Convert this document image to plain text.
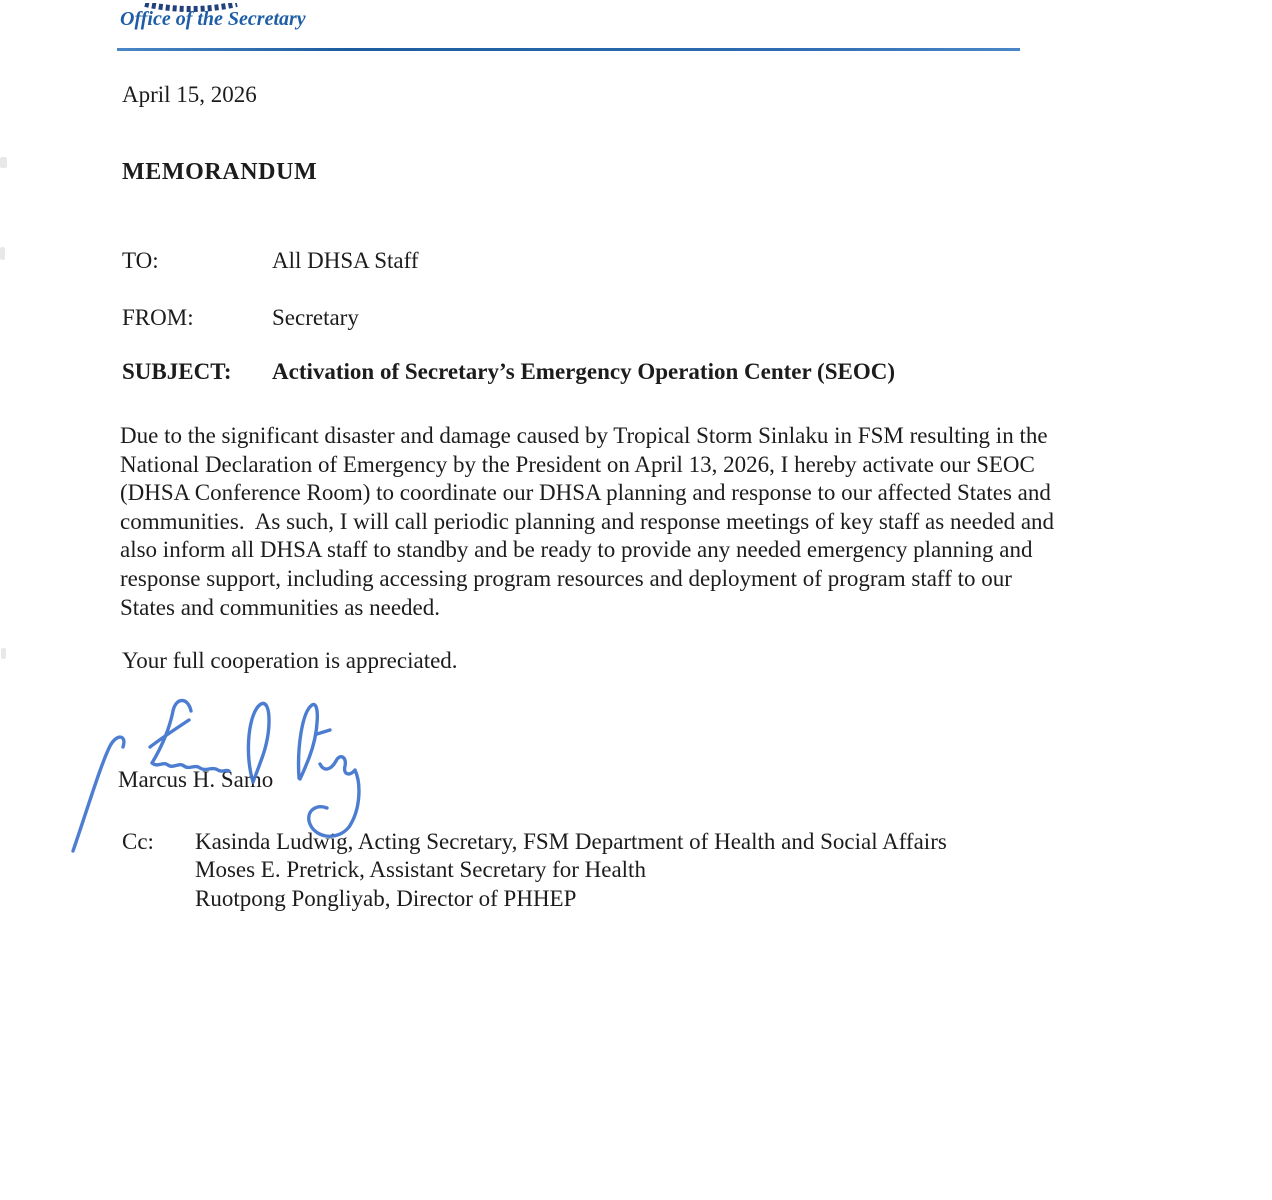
Office of the Secretary
April 15, 2026
MEMORANDUM
TO:	All DHSA Staff
FROM:	Secretary
SUBJECT:	Activation of Secretary’s Emergency Operation Center (SEOC)
Due to the significant disaster and damage caused by Tropical Storm Sinlaku in FSM resulting in the
National Declaration of Emergency by the President on April 13, 2026, I hereby activate our SEOC
(DHSA Conference Room) to coordinate our DHSA planning and response to our affected States and
communities.  As such, I will call periodic planning and response meetings of key staff as needed and
also inform all DHSA staff to standby and be ready to provide any needed emergency planning and
response support, including accessing program resources and deployment of program staff to our
States and communities as needed.
Your full cooperation is appreciated.
Marcus H. Samo
Cc:	Kasinda Ludwig, Acting Secretary, FSM Department of Health and Social Affairs
Moses E. Pretrick, Assistant Secretary for Health
Ruotpong Pongliyab, Director of PHHEP
